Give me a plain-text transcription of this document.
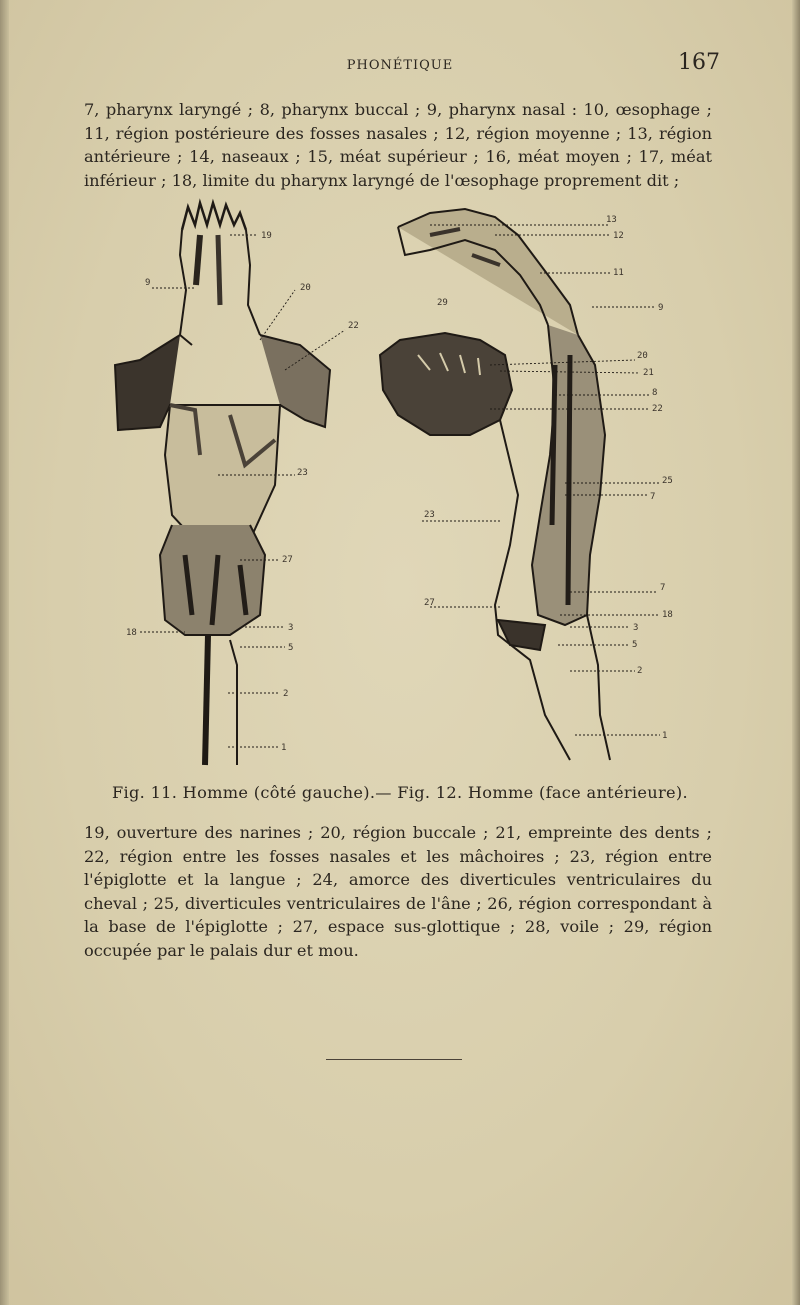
PHONÉTIQUE	167

7, pharynx laryngé ; 8, pharynx buccal ; 9, pharynx nasal : 10, œsophage ; 11, région postérieure des fosses nasales ; 12, région moyenne ; 13, région antérieure ; 14, naseaux ; 15, méat supérieur ; 16, méat moyen ; 17, méat inférieur ; 18, limite du pharynx laryngé de l'œsophage proprement dit ;

19
9	20
22
23
27
18	3
5
2
1
13
12
11
29	9
20
21
8
22
25
7
23
27
7
18
3
5
2
1
Fig. 11. Homme (côté gauche).— Fig. 12. Homme (face antérieure).

19, ouverture des narines ; 20, région buccale ; 21, empreinte des dents ; 22, région entre les fosses nasales et les mâchoires ; 23, région entre l'épiglotte et la langue ; 24, amorce des diverticules ventriculaires du cheval ; 25, diverticules ventriculaires de l'âne ; 26, région correspondant à la base de l'épiglotte ; 27, espace sus-glottique ; 28, voile ; 29, région occupée par le palais dur et mou.
